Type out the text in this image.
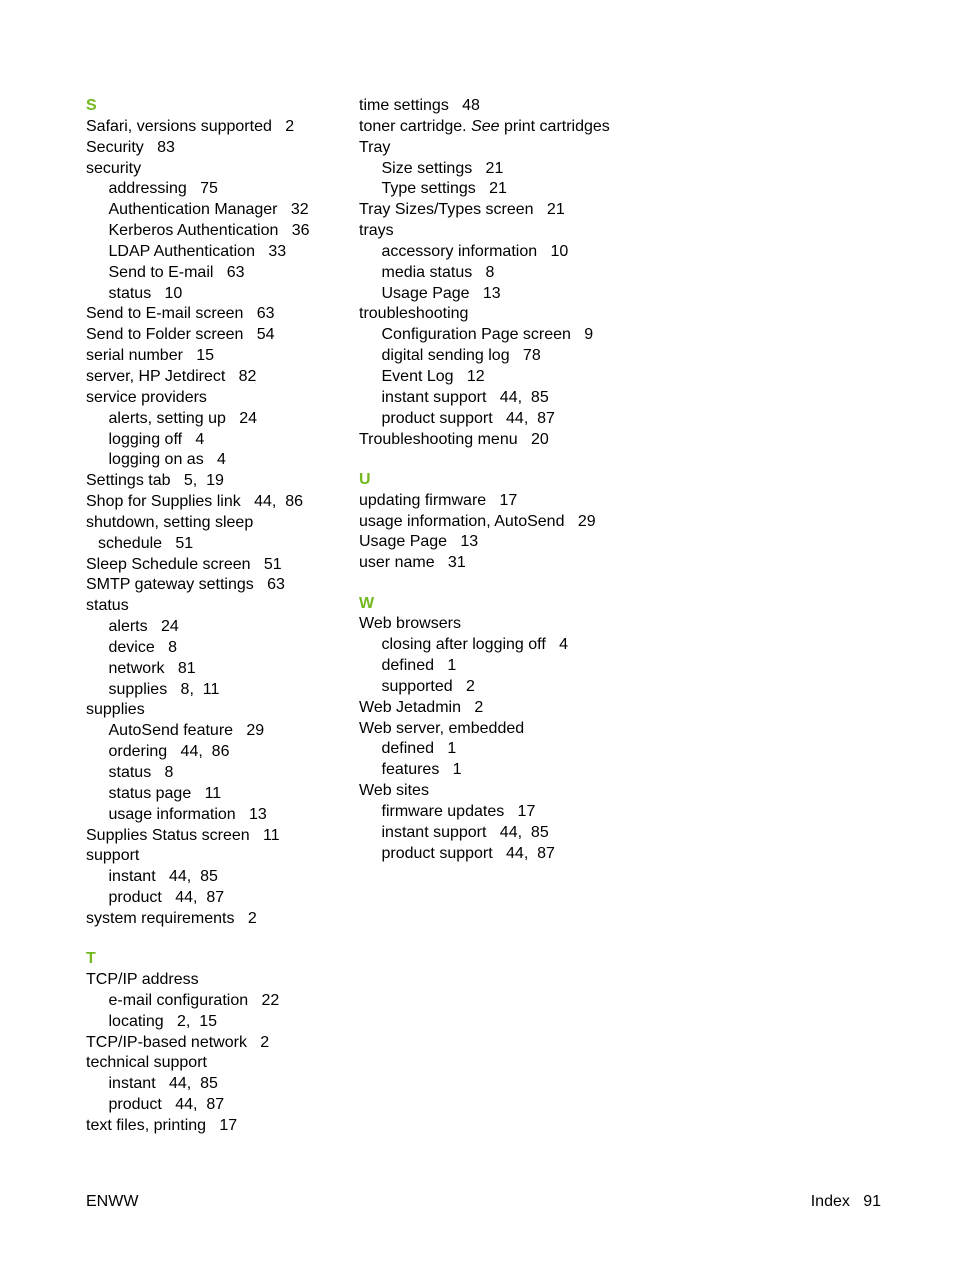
S
Safari, versions supported   2
Security   83
security
addressing   75
Authentication Manager   32
Kerberos Authentication   36
LDAP Authentication   33
Send to E-mail   63
status   10
Send to E-mail screen   63
Send to Folder screen   54
serial number   15
server, HP Jetdirect   82
service providers
alerts, setting up   24
logging off   4
logging on as   4
Settings tab   5,  19
Shop for Supplies link   44,  86
shutdown, setting sleep
schedule   51
Sleep Schedule screen   51
SMTP gateway settings   63
status
alerts   24
device   8
network   81
supplies   8,  11
supplies
AutoSend feature   29
ordering   44,  86
status   8
status page   11
usage information   13
Supplies Status screen   11
support
instant   44,  85
product   44,  87
system requirements   2
T
TCP/IP address
e-mail configuration   22
locating   2,  15
TCP/IP-based network   2
technical support
instant   44,  85
product   44,  87
text files, printing   17
time settings   48
toner cartridge. See print cartridges
Tray
Size settings   21
Type settings   21
Tray Sizes/Types screen   21
trays
accessory information   10
media status   8
Usage Page   13
troubleshooting
Configuration Page screen   9
digital sending log   78
Event Log   12
instant support   44,  85
product support   44,  87
Troubleshooting menu   20
U
updating firmware   17
usage information, AutoSend   29
Usage Page   13
user name   31
W
Web browsers
closing after logging off   4
defined   1
supported   2
Web Jetadmin   2
Web server, embedded
defined   1
features   1
Web sites
firmware updates   17
instant support   44,  85
product support   44,  87
ENWW	Index   91
